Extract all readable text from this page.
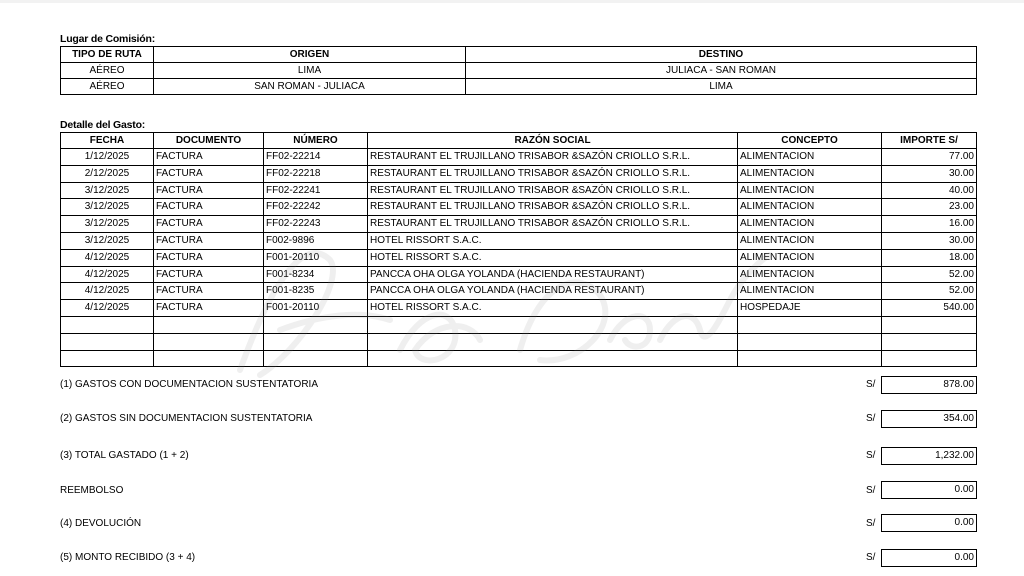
Lugar de Comisión:
TIPO DE RUTA	ORIGEN	DESTINO
AÉREO	LIMA	JULIACA - SAN ROMAN
AÉREO	SAN ROMAN - JULIACA	LIMA
Detalle del Gasto:
FECHA	DOCUMENTO	NÚMERO	RAZÓN SOCIAL	CONCEPTO	IMPORTE S/
1/12/2025	FACTURA	FF02-22214	RESTAURANT EL TRUJILLANO TRISABOR &SAZÓN CRIOLLO S.R.L.	ALIMENTACION	77.00
2/12/2025	FACTURA	FF02-22218	RESTAURANT EL TRUJILLANO TRISABOR &SAZÓN CRIOLLO S.R.L.	ALIMENTACION	30.00
3/12/2025	FACTURA	FF02-22241	RESTAURANT EL TRUJILLANO TRISABOR &SAZÓN CRIOLLO S.R.L.	ALIMENTACION	40.00
3/12/2025	FACTURA	FF02-22242	RESTAURANT EL TRUJILLANO TRISABOR &SAZÓN CRIOLLO S.R.L.	ALIMENTACION	23.00
3/12/2025	FACTURA	FF02-22243	RESTAURANT EL TRUJILLANO TRISABOR &SAZÓN CRIOLLO S.R.L.	ALIMENTACION	16.00
3/12/2025	FACTURA	F002-9896	HOTEL RISSORT S.A.C.	ALIMENTACION	30.00
4/12/2025	FACTURA	F001-20110	HOTEL RISSORT S.A.C.	ALIMENTACION	18.00
4/12/2025	FACTURA	F001-8234	PANCCA OHA OLGA YOLANDA (HACIENDA RESTAURANT)	ALIMENTACION	52.00
4/12/2025	FACTURA	F001-8235	PANCCA OHA OLGA YOLANDA (HACIENDA RESTAURANT)	ALIMENTACION	52.00
4/12/2025	FACTURA	F001-20110	HOTEL RISSORT S.A.C.	HOSPEDAJE	540.00

(1) GASTOS CON DOCUMENTACION SUSTENTATORIA	S/	878.00
(2) GASTOS SIN DOCUMENTACION SUSTENTATORIA	S/	354.00
(3) TOTAL GASTADO (1 + 2)	S/	1,232.00
REEMBOLSO	S/	0.00
(4) DEVOLUCIÓN	S/	0.00
(5) MONTO RECIBIDO (3 + 4)	S/	0.00
